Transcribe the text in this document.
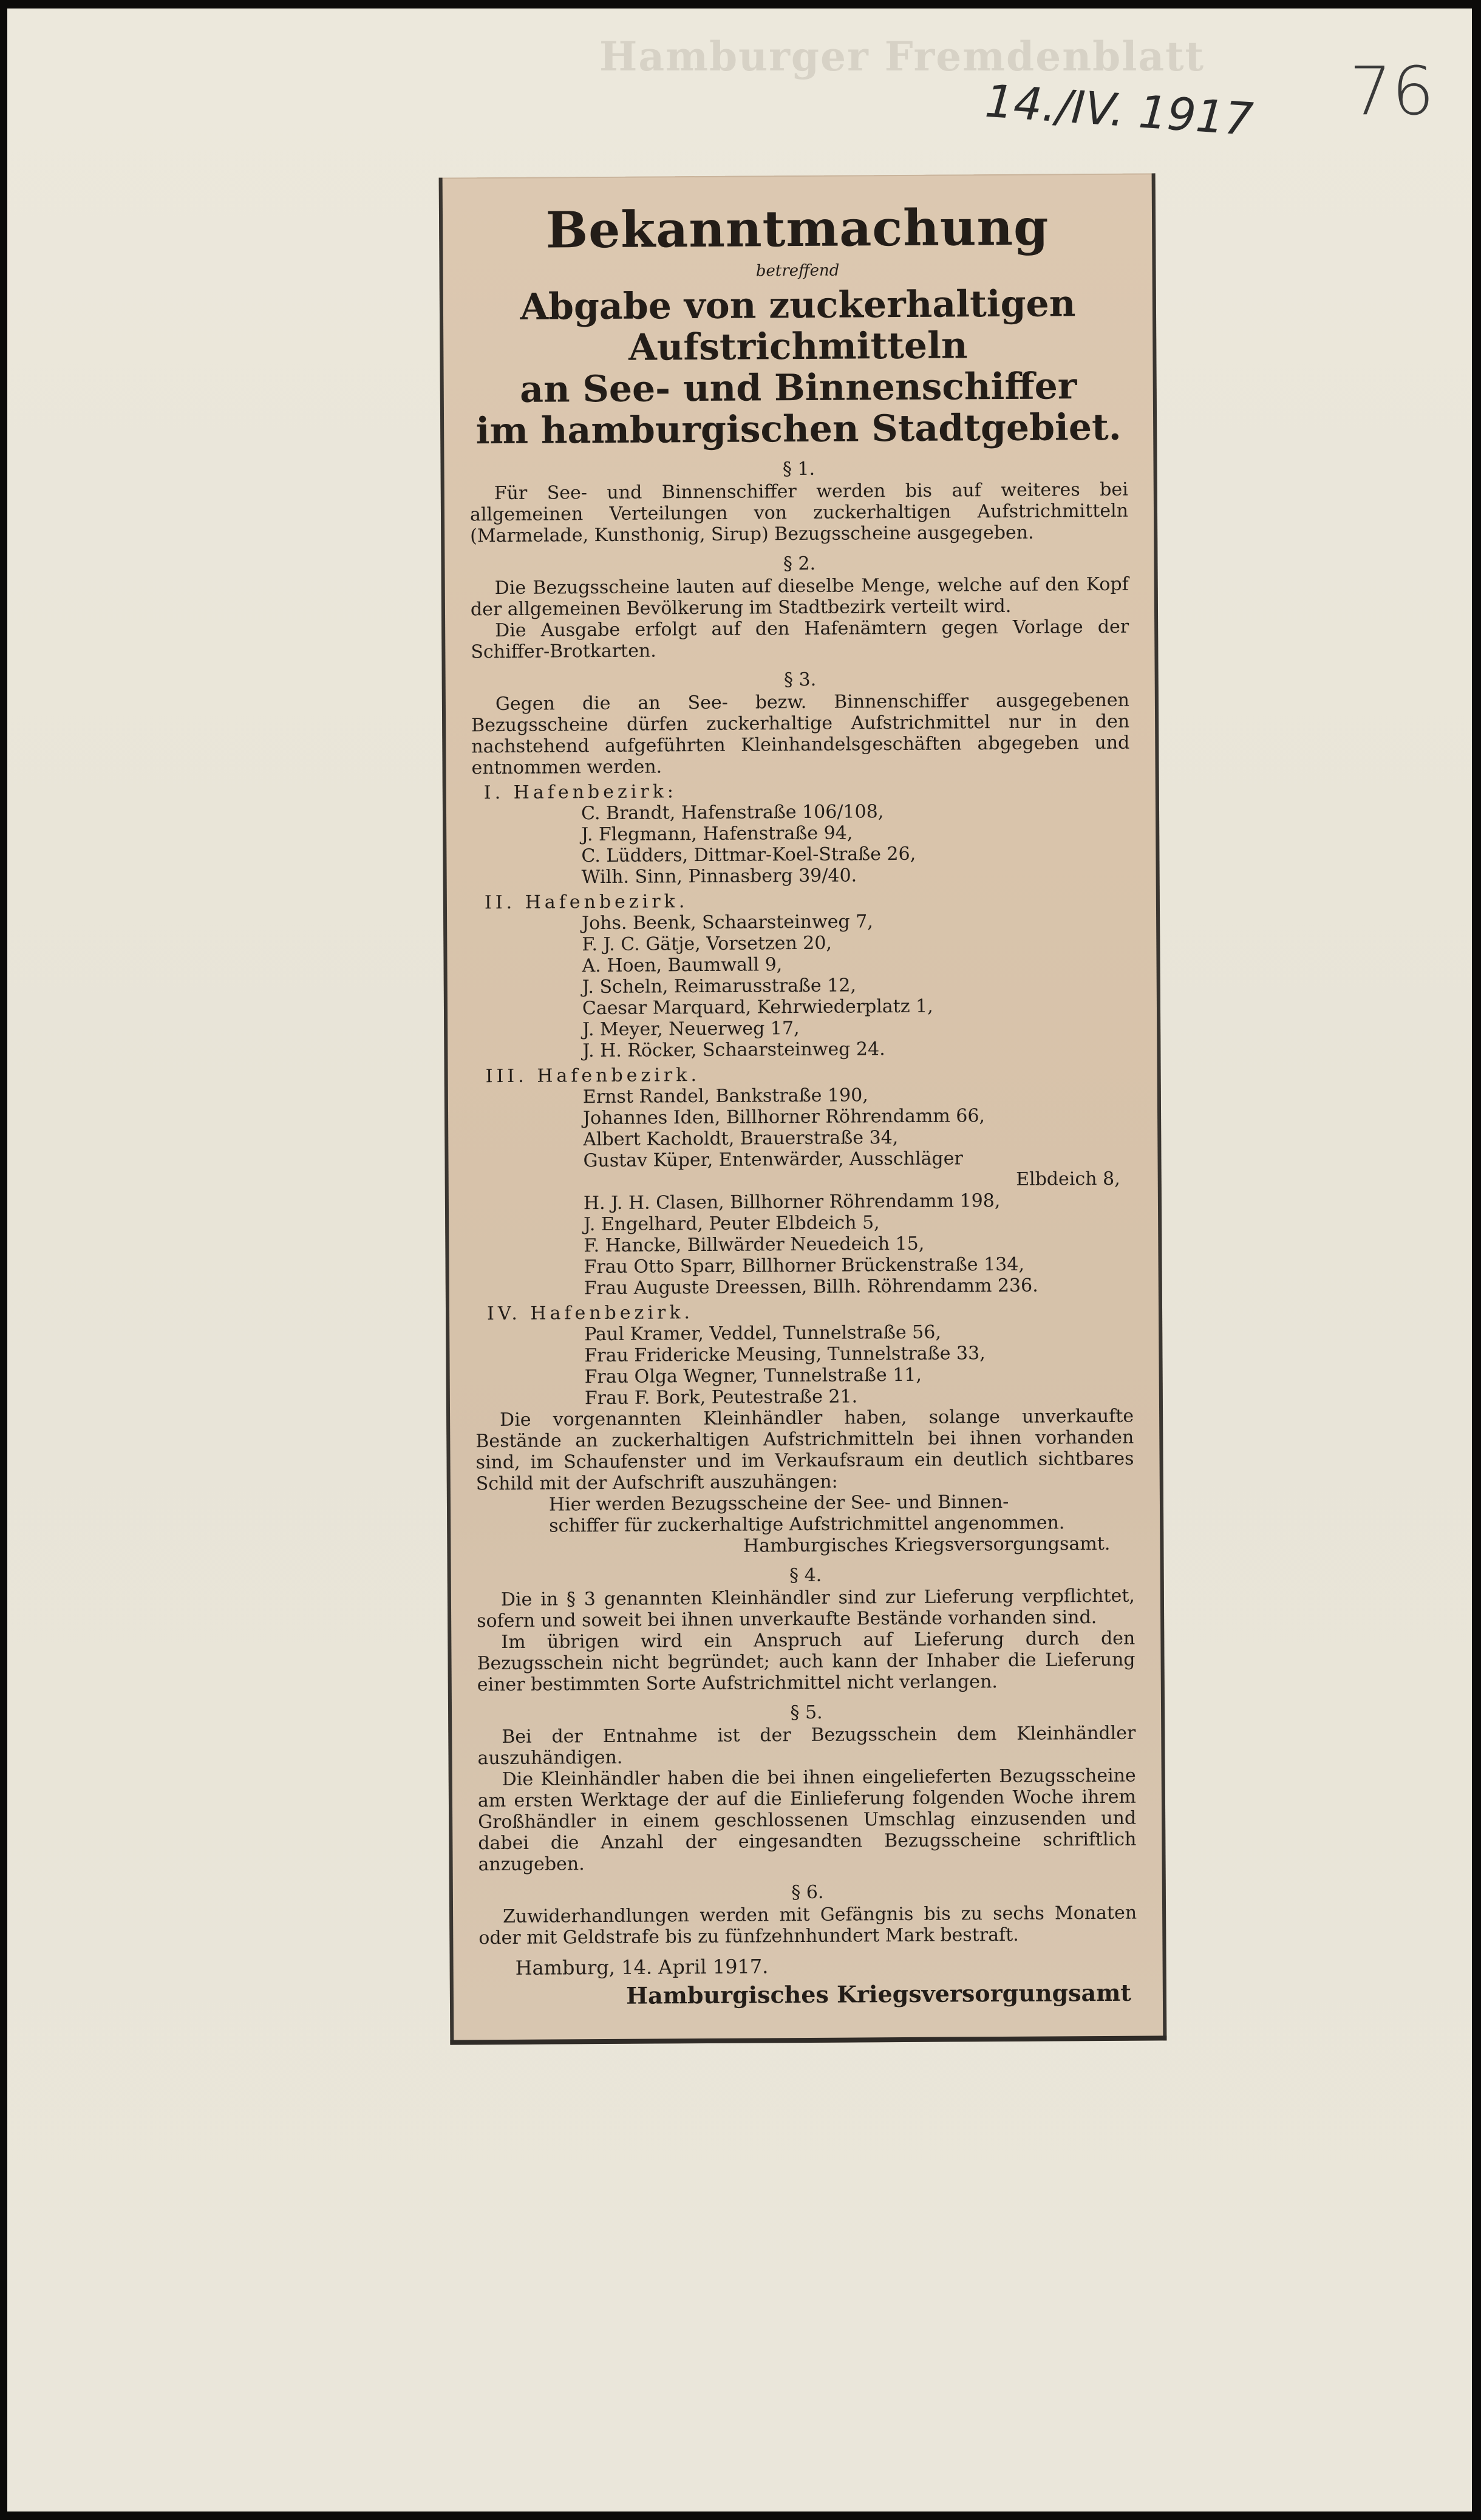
Hamburger Fremdenblatt
14./IV. 1917 76
Bekanntmachung
betreffend

Abgabe von zuckerhaltigen Aufstrichmitteln

an See- und Binnenschiffer

im hamburgischen Stadtgebiet.

§ 1.

Für See- und Binnenschiffer werden bis auf weiteres bei allgemeinen Verteilungen von zuckerhaltigen Aufstrichmitteln (Marmelade, Kunsthonig, Sirup) Bezugsscheine ausgegeben.

§ 2.

Die Bezugsscheine lauten auf dieselbe Menge, welche auf den Kopf der allgemeinen Bevölkerung im Stadtbezirk verteilt wird.

Die Ausgabe erfolgt auf den Hafenämtern gegen Vorlage der Schiffer-Brotkarten.

§ 3.

Gegen die an See- bezw. Binnenschiffer ausgegebenen Bezugsscheine dürfen zuckerhaltige Aufstrichmittel nur in den nachstehend aufgeführten Kleinhandelsgeschäften abgegeben und entnommen werden.

I. Hafenbezirk:
C. Brandt, Hafenstraße 106/108,
J. Flegmann, Hafenstraße 94,
C. Lüdders, Dittmar-Koel-Straße 26,
Wilh. Sinn, Pinnasberg 39/40.
II. Hafenbezirk.
Johs. Beenk, Schaarsteinweg 7,
F. J. C. Gätje, Vorsetzen 20,
A. Hoen, Baumwall 9,
J. Scheln, Reimarusstraße 12,
Caesar Marquard, Kehrwiederplatz 1,
J. Meyer, Neuerweg 17,
J. H. Röcker, Schaarsteinweg 24.
III. Hafenbezirk.
Ernst Randel, Bankstraße 190,
Johannes Iden, Billhorner Röhrendamm 66,
Albert Kacholdt, Brauerstraße 34,
Gustav Küper, Entenwärder, Ausschläger
Elbdeich 8,
H. J. H. Clasen, Billhorner Röhrendamm 198,
J. Engelhard, Peuter Elbdeich 5,
F. Hancke, Billwärder Neuedeich 15,
Frau Otto Sparr, Billhorner Brückenstraße 134,
Frau Auguste Dreessen, Billh. Röhrendamm 236.
IV. Hafenbezirk.
Paul Kramer, Veddel, Tunnelstraße 56,
Frau Fridericke Meusing, Tunnelstraße 33,
Frau Olga Wegner, Tunnelstraße 11,
Frau F. Bork, Peutestraße 21.

Die vorgenannten Kleinhändler haben, solange unverkaufte Bestände an zuckerhaltigen Aufstrichmitteln bei ihnen vorhanden sind, im Schaufenster und im Verkaufsraum ein deutlich sichtbares Schild mit der Aufschrift auszuhängen:

Hier werden Bezugsscheine der See- und Binnen-

schiffer für zuckerhaltige Aufstrichmittel angenommen.

Hamburgisches Kriegsversorgungsamt.

§ 4.

Die in § 3 genannten Kleinhändler sind zur Lieferung verpflichtet, sofern und soweit bei ihnen unverkaufte Bestände vorhanden sind.

Im übrigen wird ein Anspruch auf Lieferung durch den Bezugsschein nicht begründet; auch kann der Inhaber die Lieferung einer bestimmten Sorte Aufstrichmittel nicht verlangen.

§ 5.

Bei der Entnahme ist der Bezugsschein dem Kleinhändler auszuhändigen.

Die Kleinhändler haben die bei ihnen eingelieferten Bezugsscheine am ersten Werktage der auf die Einlieferung folgenden Woche ihrem Großhändler in einem geschlossenen Umschlag einzusenden und dabei die Anzahl der eingesandten Bezugsscheine schriftlich anzugeben.

§ 6.

Zuwiderhandlungen werden mit Gefängnis bis zu sechs Monaten oder mit Geldstrafe bis zu fünfzehnhundert Mark bestraft.

Hamburg, 14. April 1917.
Hamburgisches Kriegsversorgungsamt
